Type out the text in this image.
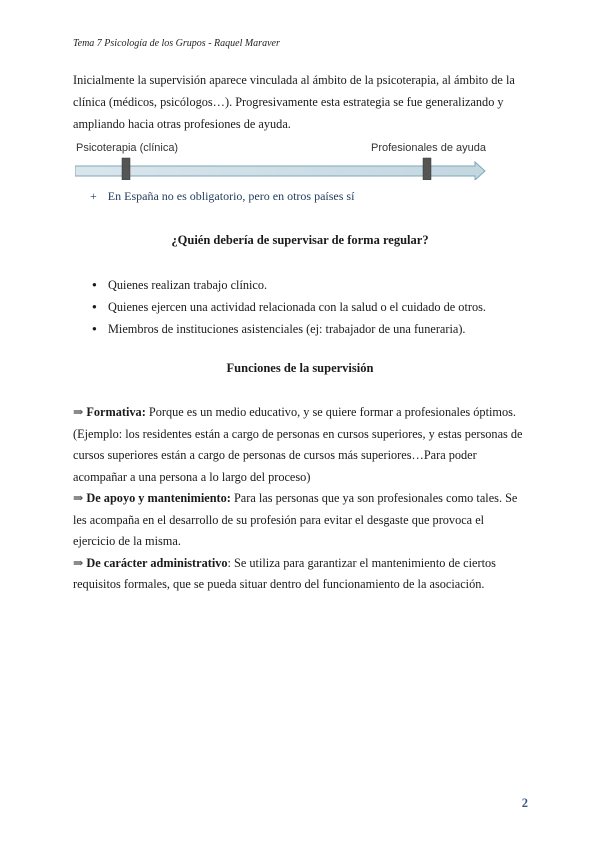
Tema 7 Psicología de los Grupos - Raquel Maraver
Inicialmente la supervisión aparece vinculada al ámbito de la psicoterapia, al ámbito de la clínica (médicos, psicólogos…). Progresivamente esta estrategia se fue generalizando y ampliando hacia otras profesiones de ayuda.
Psicoterapia (clínica)	Profesionales de ayuda
+ En España no es obligatorio, pero en otros países sí
¿Quién debería de supervisar de forma regular?
● Quienes realizan trabajo clínico.
● Quienes ejercen una actividad relacionada con la salud o el cuidado de otros.
● Miembros de instituciones asistenciales (ej: trabajador de una funeraria).
Funciones de la supervisión
⇒ Formativa: Porque es un medio educativo, y se quiere formar a profesionales óptimos. (Ejemplo: los residentes están a cargo de personas en cursos superiores, y estas personas de cursos superiores están a cargo de personas de cursos más superiores…Para poder acompañar a una persona a lo largo del proceso)
⇒ De apoyo y mantenimiento: Para las personas que ya son profesionales como tales. Se les acompaña en el desarrollo de su profesión para evitar el desgaste que provoca el ejercicio de la misma.
⇒ De carácter administrativo: Se utiliza para garantizar el mantenimiento de ciertos requisitos formales, que se pueda situar dentro del funcionamiento de la asociación.
2
